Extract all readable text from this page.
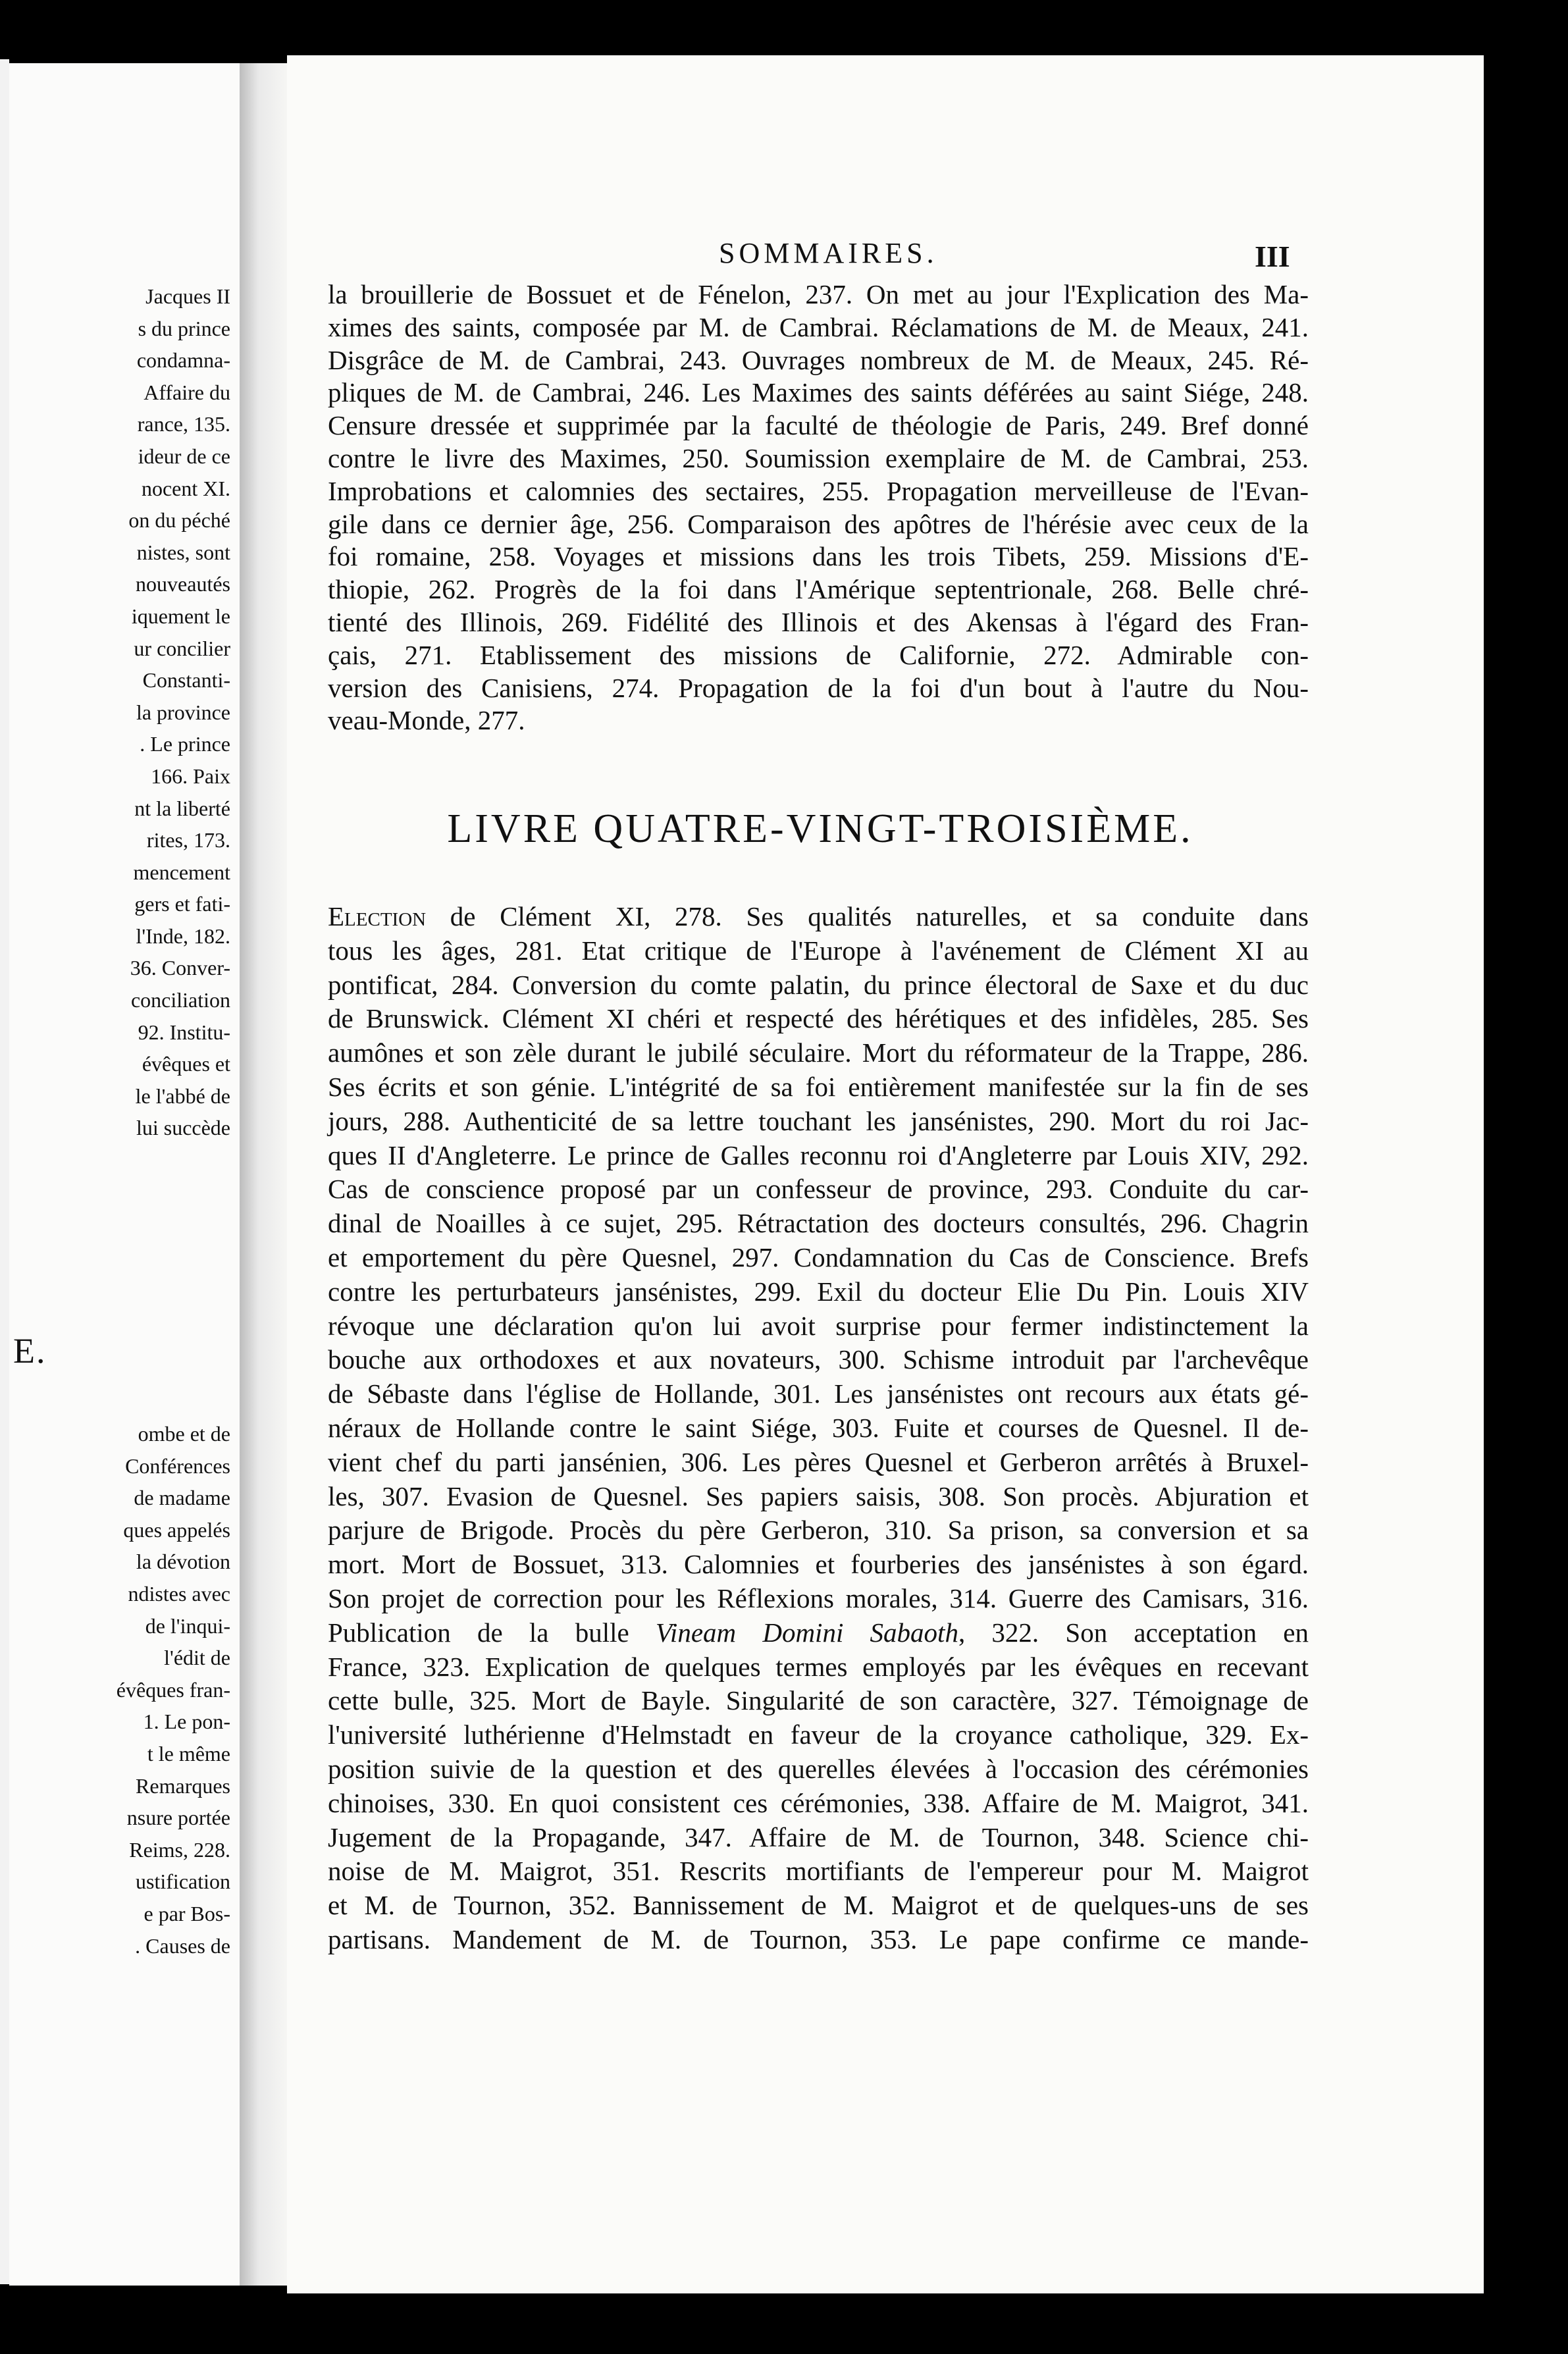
Jacques II
s du prince
condamna-
Affaire du
rance, 135.
ideur de ce
nocent XI.
on du péché
nistes, sont
nouveautés
iquement le
ur concilier
Constanti-
la province
. Le prince
166. Paix
nt la liberté
rites, 173.
mencement
gers et fati-
l'Inde, 182.
36. Conver-
conciliation
92. Institu-
évêques et
le l'abbé de
lui succède
E.
ombe et de
Conférences
de madame
ques appelés
la dévotion
ndistes avec
de l'inqui-
l'édit de
évêques fran-
1. Le pon-
t le même
Remarques
nsure portée
Reims, 228.
ustification
e par Bos-
. Causes de
SOMMAIRES.	III
la brouillerie de Bossuet et de Fénelon, 237. On met au jour l'Explication des Ma-
ximes des saints, composée par M. de Cambrai. Réclamations de M. de Meaux, 241.
Disgrâce de M. de Cambrai, 243. Ouvrages nombreux de M. de Meaux, 245. Ré-
pliques de M. de Cambrai, 246. Les Maximes des saints déférées au saint Siége, 248.
Censure dressée et supprimée par la faculté de théologie de Paris, 249. Bref donné
contre le livre des Maximes, 250. Soumission exemplaire de M. de Cambrai, 253.
Improbations et calomnies des sectaires, 255. Propagation merveilleuse de l'Evan-
gile dans ce dernier âge, 256. Comparaison des apôtres de l'hérésie avec ceux de la
foi romaine, 258. Voyages et missions dans les trois Tibets, 259. Missions d'E-
thiopie, 262. Progrès de la foi dans l'Amérique septentrionale, 268. Belle chré-
tienté des Illinois, 269. Fidélité des Illinois et des Akensas à l'égard des Fran-
çais, 271. Etablissement des missions de Californie, 272. Admirable con-
version des Canisiens, 274. Propagation de la foi d'un bout à l'autre du Nou-
veau-Monde, 277.
LIVRE QUATRE-VINGT-TROISIÈME.
Election de Clément XI, 278. Ses qualités naturelles, et sa conduite dans
tous les âges, 281. Etat critique de l'Europe à l'avénement de Clément XI au
pontificat, 284. Conversion du comte palatin, du prince électoral de Saxe et du duc
de Brunswick. Clément XI chéri et respecté des hérétiques et des infidèles, 285. Ses
aumônes et son zèle durant le jubilé séculaire. Mort du réformateur de la Trappe, 286.
Ses écrits et son génie. L'intégrité de sa foi entièrement manifestée sur la fin de ses
jours, 288. Authenticité de sa lettre touchant les jansénistes, 290. Mort du roi Jac-
ques II d'Angleterre. Le prince de Galles reconnu roi d'Angleterre par Louis XIV, 292.
Cas de conscience proposé par un confesseur de province, 293. Conduite du car-
dinal de Noailles à ce sujet, 295. Rétractation des docteurs consultés, 296. Chagrin
et emportement du père Quesnel, 297. Condamnation du Cas de Conscience. Brefs
contre les perturbateurs jansénistes, 299. Exil du docteur Elie Du Pin. Louis XIV
révoque une déclaration qu'on lui avoit surprise pour fermer indistinctement la
bouche aux orthodoxes et aux novateurs, 300. Schisme introduit par l'archevêque
de Sébaste dans l'église de Hollande, 301. Les jansénistes ont recours aux états gé-
néraux de Hollande contre le saint Siége, 303. Fuite et courses de Quesnel. Il de-
vient chef du parti jansénien, 306. Les pères Quesnel et Gerberon arrêtés à Bruxel-
les, 307. Evasion de Quesnel. Ses papiers saisis, 308. Son procès. Abjuration et
parjure de Brigode. Procès du père Gerberon, 310. Sa prison, sa conversion et sa
mort. Mort de Bossuet, 313. Calomnies et fourberies des jansénistes à son égard.
Son projet de correction pour les Réflexions morales, 314. Guerre des Camisars, 316.
Publication de la bulle Vineam Domini Sabaoth, 322. Son acceptation en
France, 323. Explication de quelques termes employés par les évêques en recevant
cette bulle, 325. Mort de Bayle. Singularité de son caractère, 327. Témoignage de
l'université luthérienne d'Helmstadt en faveur de la croyance catholique, 329. Ex-
position suivie de la question et des querelles élevées à l'occasion des cérémonies
chinoises, 330. En quoi consistent ces cérémonies, 338. Affaire de M. Maigrot, 341.
Jugement de la Propagande, 347. Affaire de M. de Tournon, 348. Science chi-
noise de M. Maigrot, 351. Rescrits mortifiants de l'empereur pour M. Maigrot
et M. de Tournon, 352. Bannissement de M. Maigrot et de quelques-uns de ses
partisans. Mandement de M. de Tournon, 353. Le pape confirme ce mande-
